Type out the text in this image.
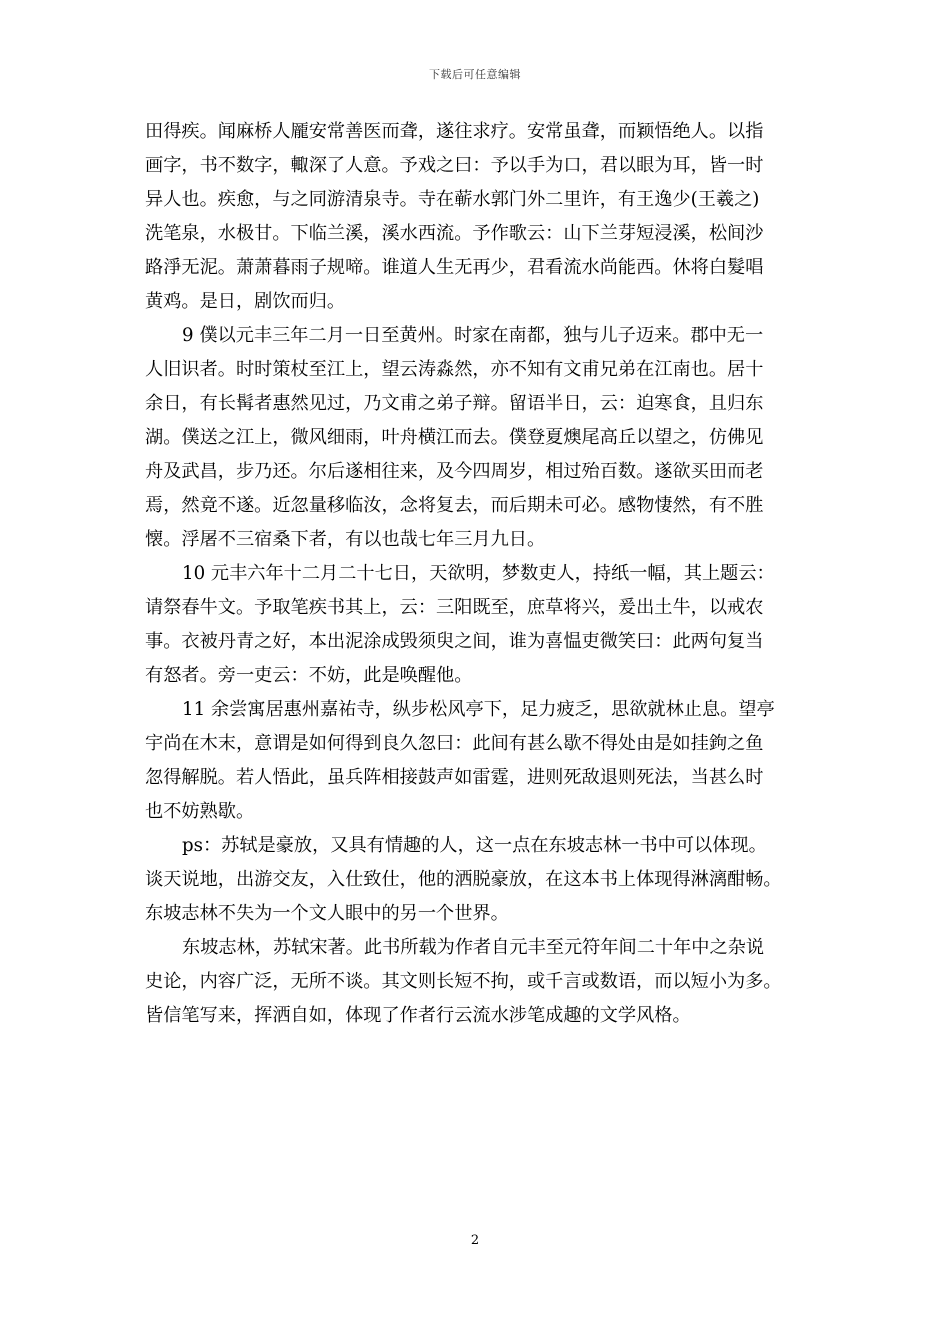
下载后可任意编辑

田得疾。闻麻桥人龎安常善医而聋，遂往求疗。安常虽聋，而颖悟绝人。以指
画字，书不数字，輙深了人意。予戏之曰：予以手为口，君以眼为耳，皆一时
异人也。疾愈，与之同游清泉寺。寺在蕲水郭门外二里许，有王逸少(王羲之)
洗笔泉，水极甘。下临兰溪，溪水西流。予作歌云：山下兰芽短浸溪，松间沙
路淨无泥。萧萧暮雨子规啼。谁道人生无再少，君看流水尚能西。休将白髮唱
黄鸡。是日，剧饮而归。

9 僕以元丰三年二月一日至黄州。时家在南都，独与儿子迈来。郡中无一
人旧识者。时时策杖至江上，望云涛淼然，亦不知有文甫兄弟在江南也。居十
余日，有长髯者惠然见过，乃文甫之弟子辩。留语半日，云：迫寒食，且归东
湖。僕送之江上，微风细雨，叶舟横江而去。僕登夏燠尾高丘以望之，仿佛见
舟及武昌，步乃还。尔后遂相往来，及今四周岁，相过殆百数。遂欲买田而老
焉，然竟不遂。近忽量移临汝，念将复去，而后期未可必。感物悽然，有不胜
懐。浮屠不三宿桑下者，有以也哉七年三月九日。

10 元丰六年十二月二十七日，天欲明，梦数吏人，持纸一幅，其上题云：
请祭春牛文。予取笔疾书其上，云：三阳既至，庶草将兴，爰出土牛，以戒农
事。衣被丹青之好，本出泥涂成毁须臾之间，谁为喜愠吏微笑曰：此两句复当
有怒者。旁一吏云：不妨，此是唤醒他。

11 余尝寓居惠州嘉祐寺，纵步松风亭下，足力疲乏，思欲就林止息。望亭
宇尚在木末，意谓是如何得到良久忽曰：此间有甚么歇不得处由是如挂鉤之鱼
忽得解脱。若人悟此，虽兵阵相接鼓声如雷霆，进则死敌退则死法，当甚么时
也不妨熟歇。

ps：苏轼是豪放，又具有情趣的人，这一点在东坡志林一书中可以体现。
谈天说地，出游交友，入仕致仕，他的洒脱豪放，在这本书上体现得淋漓酣畅。
东坡志林不失为一个文人眼中的另一个世界。

东坡志林，苏轼宋著。此书所载为作者自元丰至元符年间二十年中之杂说
史论，内容广泛，无所不谈。其文则长短不拘，或千言或数语，而以短小为多。
皆信笔写来，挥洒自如，体现了作者行云流水涉笔成趣的文学风格。

2
